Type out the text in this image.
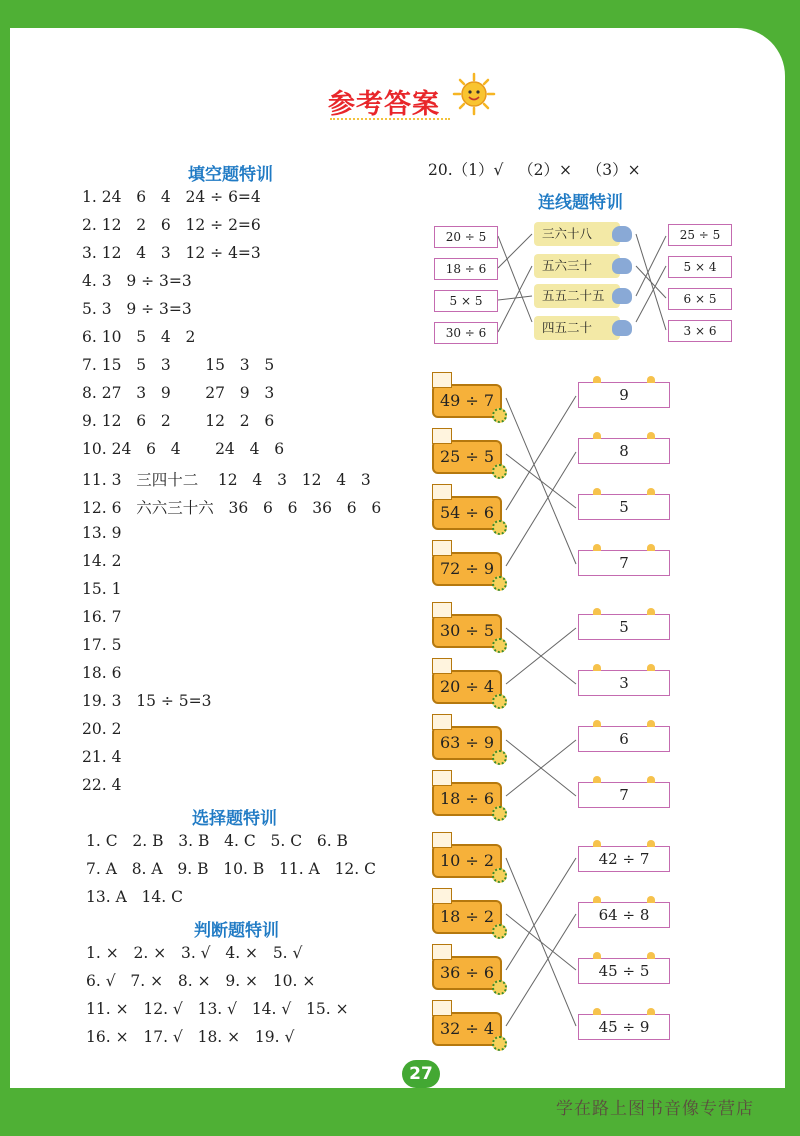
参考答案
填空题特训
1. 24   6   4   24 ÷ 6=4
2. 12   2   6   12 ÷ 2=6
3. 12   4   3   12 ÷ 4=3
4. 3   9 ÷ 3=3
5. 3   9 ÷ 3=3
6. 10   5   4   2
7. 15   5   3       15   3   5
8. 27   3   9       27   9   3
9. 12   6   2       12   2   6
10. 24   6   4       24   4   6
11. 3   三四十二    12   4   3   12   4   3
12. 6   六六三十六   36   6   6   36   6   6
13. 9
14. 2
15. 1
16. 7
17. 5
18. 6
19. 3   15 ÷ 5=3
20. 2
21. 4
22. 4
选择题特训
1. C   2. B   3. B   4. C   5. C   6. B
7. A   8. A   9. B   10. B   11. A   12. C
13. A   14. C
判断题特训
1. ×   2. ×   3. √   4. ×   5. √
6. √   7. ×   8. ×   9. ×   10. ×
11. ×   12. √   13. √   14. √   15. ×
16. ×   17. √   18. ×   19. √
20.（1）√   （2）×   （3）×
连线题特训
20 ÷ 5
18 ÷ 6
5 × 5
30 ÷ 6
三六十八
五六三十
五五二十五
四五二十
25 ÷ 5
5 × 4
6 × 5
3 × 6
49 ÷ 7
25 ÷ 5
54 ÷ 6
72 ÷ 9
9
8
5
7
30 ÷ 5
20 ÷ 4
63 ÷ 9
18 ÷ 6
5
3
6
7
10 ÷ 2
18 ÷ 2
36 ÷ 6
32 ÷ 4
42 ÷ 7
64 ÷ 8
45 ÷ 5
45 ÷ 9
27
学在路上图书音像专营店
